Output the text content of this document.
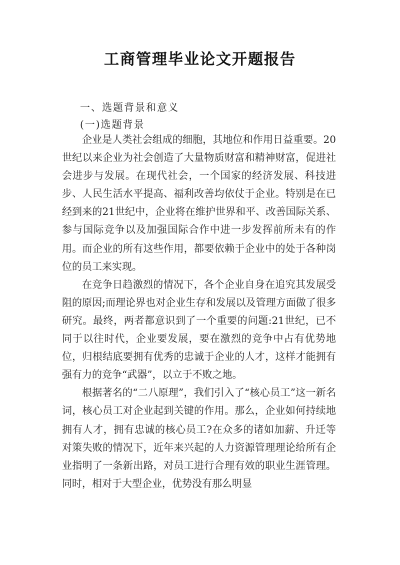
工商管理毕业论文开题报告
一、选题背景和意义
(一)选题背景

企业是人类社会组成的细胞，其地位和作用日益重要。20世纪以来企业为社会创造了大量物质财富和精神财富，促进社会进步与发展。在现代社会，一个国家的经济发展、科技进步、人民生活水平提高、福利改善均依仗于企业。特别是在已经到来的21世纪中，企业将在维护世界和平、改善国际关系、参与国际竞争以及加强国际合作中进一步发挥前所未有的作用。而企业的所有这些作用，都要依赖于企业中的处于各种岗位的员工来实现。

在竞争日趋激烈的情况下，各个企业自身在追究其发展受阻的原因;而理论界也对企业生存和发展以及管理方面做了很多研究。最终，两者都意识到了一个重要的问题:21世纪，已不同于以往时代，企业要发展，要在激烈的竞争中占有优势地位，归根结底要拥有优秀的忠诚于企业的人才，这样才能拥有强有力的竞争“武器”，以立于不败之地。

根据著名的“二八原理”，我们引入了“核心员工”这一新名词，核心员工对企业起到关键的作用。那么，企业如何持续地拥有人才，拥有忠诚的核心员工?在众多的诸如加薪、升迁等对策失败的情况下，近年来兴起的人力资源管理理论给所有企业指明了一条新出路，对员工进行合理有效的职业生涯管理。同时，相对于大型企业，优势没有那么明显
